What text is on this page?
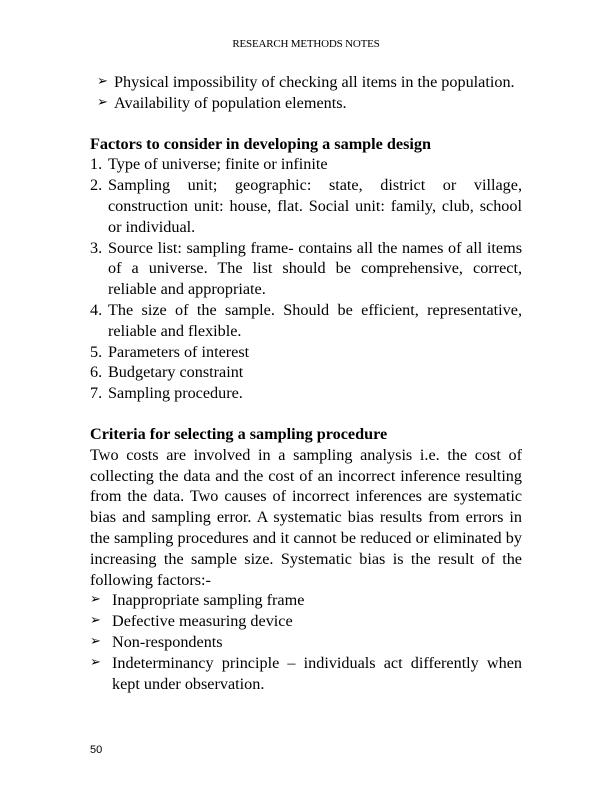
RESEARCH METHODS NOTES
➢ Physical impossibility of checking all items in the population.
➢ Availability of population elements.
Factors to consider in developing a sample design
1. Type of universe; finite or infinite
2. Sampling unit; geographic: state, district or village, construction unit: house, flat. Social unit: family, club, school or individual.
3. Source list: sampling frame- contains all the names of all items of a universe. The list should be comprehensive, correct, reliable and appropriate.
4. The size of the sample. Should be efficient, representative, reliable and flexible.
5. Parameters of interest
6. Budgetary constraint
7. Sampling procedure.
Criteria for selecting a sampling procedure
Two costs are involved in a sampling analysis i.e. the cost of collecting the data and the cost of an incorrect inference resulting from the data. Two causes of incorrect inferences are systematic bias and sampling error. A systematic bias results from errors in the sampling procedures and it cannot be reduced or eliminated by increasing the sample size. Systematic bias is the result of the following factors:-
➢ Inappropriate sampling frame
➢ Defective measuring device
➢ Non-respondents
➢ Indeterminancy principle – individuals act differently when kept under observation.
50
